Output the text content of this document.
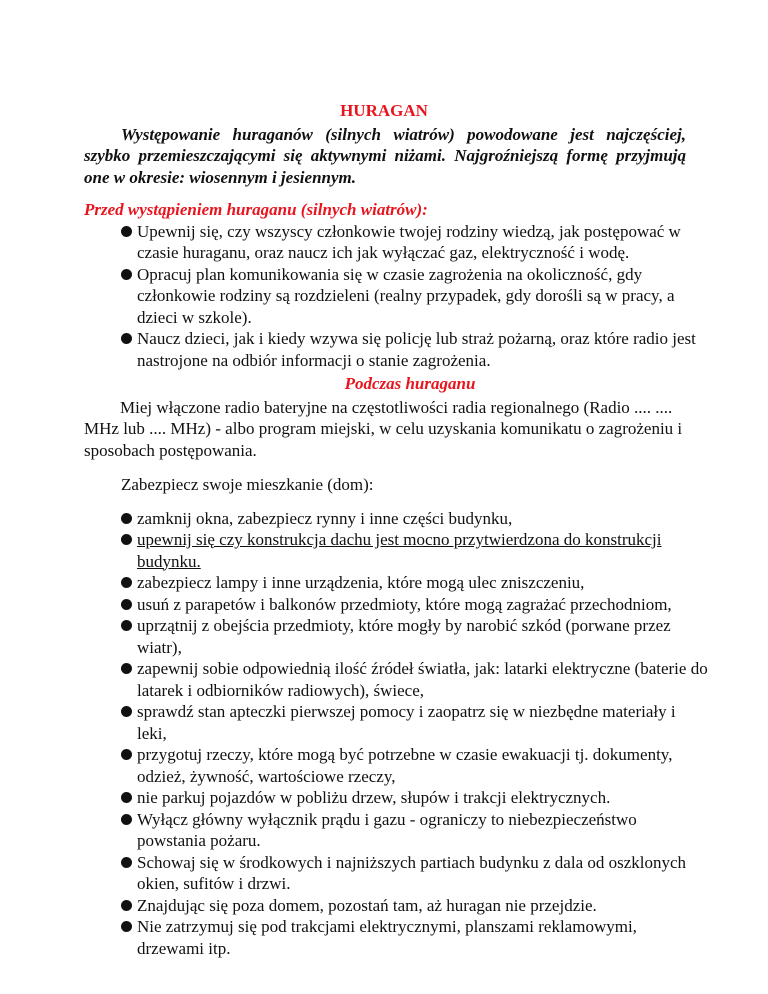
HURAGAN

Występowanie huraganów (silnych wiatrów) powodowane jest najczęściej, szybko przemieszczającymi się aktywnymi niżami. Najgroźniejszą formę przyjmują one w okresie: wiosennym i jesiennym.

Przed wystąpieniem huraganu (silnych wiatrów):
Upewnij się, czy wszyscy członkowie twojej rodziny wiedzą, jak postępować w czasie huraganu, oraz naucz ich jak wyłączać gaz, elektryczność i wodę.
Opracuj plan komunikowania się w czasie zagrożenia na okoliczność, gdy członkowie rodziny są rozdzieleni (realny przypadek, gdy dorośli są w pracy, a dzieci w szkole).
Naucz dzieci, jak i kiedy wzywa się policję lub straż pożarną, oraz które radio jest nastrojone na odbiór informacji o stanie zagrożenia.
Podczas huraganu

Miej włączone radio bateryjne na częstotliwości radia regionalnego (Radio .... .... MHz lub .... MHz) - albo program miejski, w celu uzyskania komunikatu o zagrożeniu i sposobach postępowania.

Zabezpiecz swoje mieszkanie (dom):

zamknij okna, zabezpiecz rynny i inne części budynku,
upewnij się czy konstrukcja dachu jest mocno przytwierdzona do konstrukcji budynku.
zabezpiecz lampy i inne urządzenia, które mogą ulec zniszczeniu,
usuń z parapetów i balkonów przedmioty, które mogą zagrażać przechodniom,
uprzątnij z obejścia przedmioty, które mogły by narobić szkód (porwane przez wiatr),
zapewnij sobie odpowiednią ilość źródeł światła, jak: latarki elektryczne (baterie do latarek i odbiorników radiowych), świece,
sprawdź stan apteczki pierwszej pomocy i zaopatrz się w niezbędne materiały i leki,
przygotuj rzeczy, które mogą być potrzebne w czasie ewakuacji tj. dokumenty, odzież, żywność, wartościowe rzeczy,
nie parkuj pojazdów w pobliżu drzew, słupów i trakcji elektrycznych.
Wyłącz główny wyłącznik prądu i gazu - ograniczy to niebezpieczeństwo powstania pożaru.
Schowaj się w środkowych i najniższych partiach budynku z dala od oszklonych okien, sufitów i drzwi.
Znajdując się poza domem, pozostań tam, aż huragan nie przejdzie.
Nie zatrzymuj się pod trakcjami elektrycznymi, planszami reklamowymi, drzewami itp.
